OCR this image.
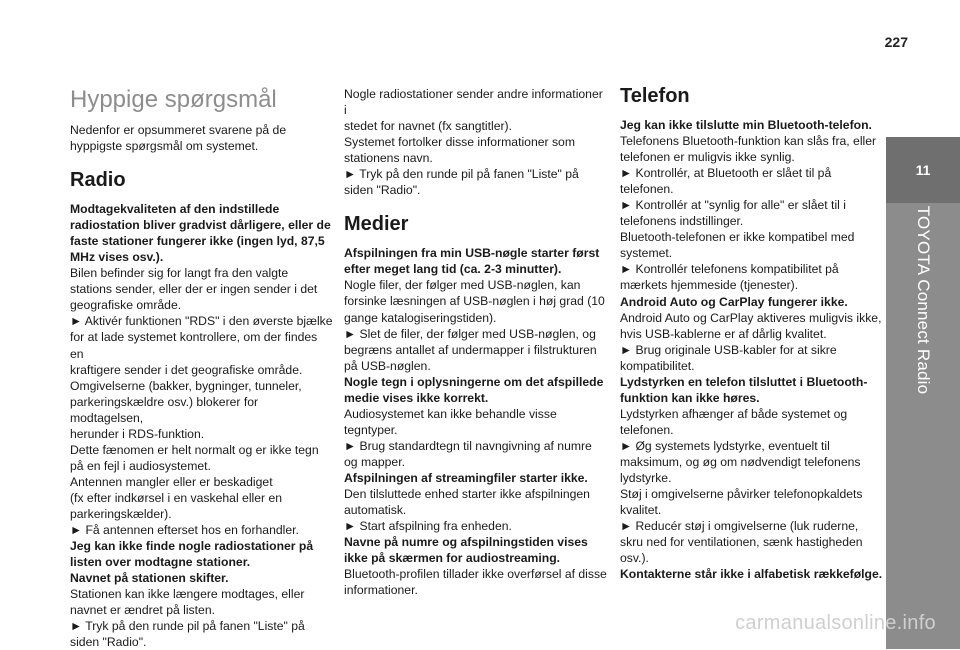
227
11
TOYOTA Connect Radio
Hyppige spørgsmål

Nedenfor er opsummeret svarene på de

hyppigste spørgsmål om systemet.

Radio

Modtagekvaliteten af den indstillede

radiostation bliver gradvist dårligere, eller de

faste stationer fungerer ikke (ingen lyd, 87,5

MHz vises osv.).

Bilen befinder sig for langt fra den valgte

stations sender, eller der er ingen sender i det

geografiske område.

► Aktivér funktionen "RDS" i den øverste bjælke

for at lade systemet kontrollere, om der findes en

kraftigere sender i det geografiske område.

Omgivelserne (bakker, bygninger, tunneler,

parkeringskældre osv.) blokerer for modtagelsen,

herunder i RDS-funktion.

Dette fænomen er helt normalt og er ikke tegn

på en fejl i audiosystemet.

Antennen mangler eller er beskadiget

(fx efter indkørsel i en vaskehal eller en

parkeringskælder).

► Få antennen efterset hos en forhandler.

Jeg kan ikke finde nogle radiostationer på

listen over modtagne stationer.

Navnet på stationen skifter.

Stationen kan ikke længere modtages, eller

navnet er ændret på listen.

► Tryk på den runde pil på fanen "Liste" på

siden "Radio".

Nogle radiostationer sender andre informationer i

stedet for navnet (fx sangtitler).

Systemet fortolker disse informationer som

stationens navn.

► Tryk på den runde pil på fanen "Liste" på

siden "Radio".

Medier

Afspilningen fra min USB-nøgle starter først

efter meget lang tid (ca. 2-3 minutter).

Nogle filer, der følger med USB-nøglen, kan

forsinke læsningen af USB-nøglen i høj grad (10

gange katalogiseringstiden).

► Slet de filer, der følger med USB-nøglen, og

begræns antallet af undermapper i filstrukturen

på USB-nøglen.

Nogle tegn i oplysningerne om det afspillede

medie vises ikke korrekt.

Audiosystemet kan ikke behandle visse

tegntyper.

► Brug standardtegn til navngivning af numre

og mapper.

Afspilningen af streamingfiler starter ikke.

Den tilsluttede enhed starter ikke afspilningen

automatisk.

► Start afspilning fra enheden.

Navne på numre og afspilningstiden vises

ikke på skærmen for audiostreaming.

Bluetooth-profilen tillader ikke overførsel af disse

informationer.

Telefon

Jeg kan ikke tilslutte min Bluetooth-telefon.

Telefonens Bluetooth-funktion kan slås fra, eller

telefonen er muligvis ikke synlig.

► Kontrollér, at Bluetooth er slået til på

telefonen.

► Kontrollér at "synlig for alle" er slået til i

telefonens indstillinger.

Bluetooth-telefonen er ikke kompatibel med

systemet.

► Kontrollér telefonens kompatibilitet på

mærkets hjemmeside (tjenester).

Android Auto og CarPlay fungerer ikke.

Android Auto og CarPlay aktiveres muligvis ikke,

hvis USB-kablerne er af dårlig kvalitet.

► Brug originale USB-kabler for at sikre

kompatibilitet.

Lydstyrken en telefon tilsluttet i Bluetooth-

funktion kan ikke høres.

Lydstyrken afhænger af både systemet og

telefonen.

► Øg systemets lydstyrke, eventuelt til

maksimum, og øg om nødvendigt telefonens

lydstyrke.

Støj i omgivelserne påvirker telefonopkaldets

kvalitet.

► Reducér støj i omgivelserne (luk ruderne,

skru ned for ventilationen, sænk hastigheden

osv.).

Kontakterne står ikke i alfabetisk rækkefølge.

carmanualsonline.info
